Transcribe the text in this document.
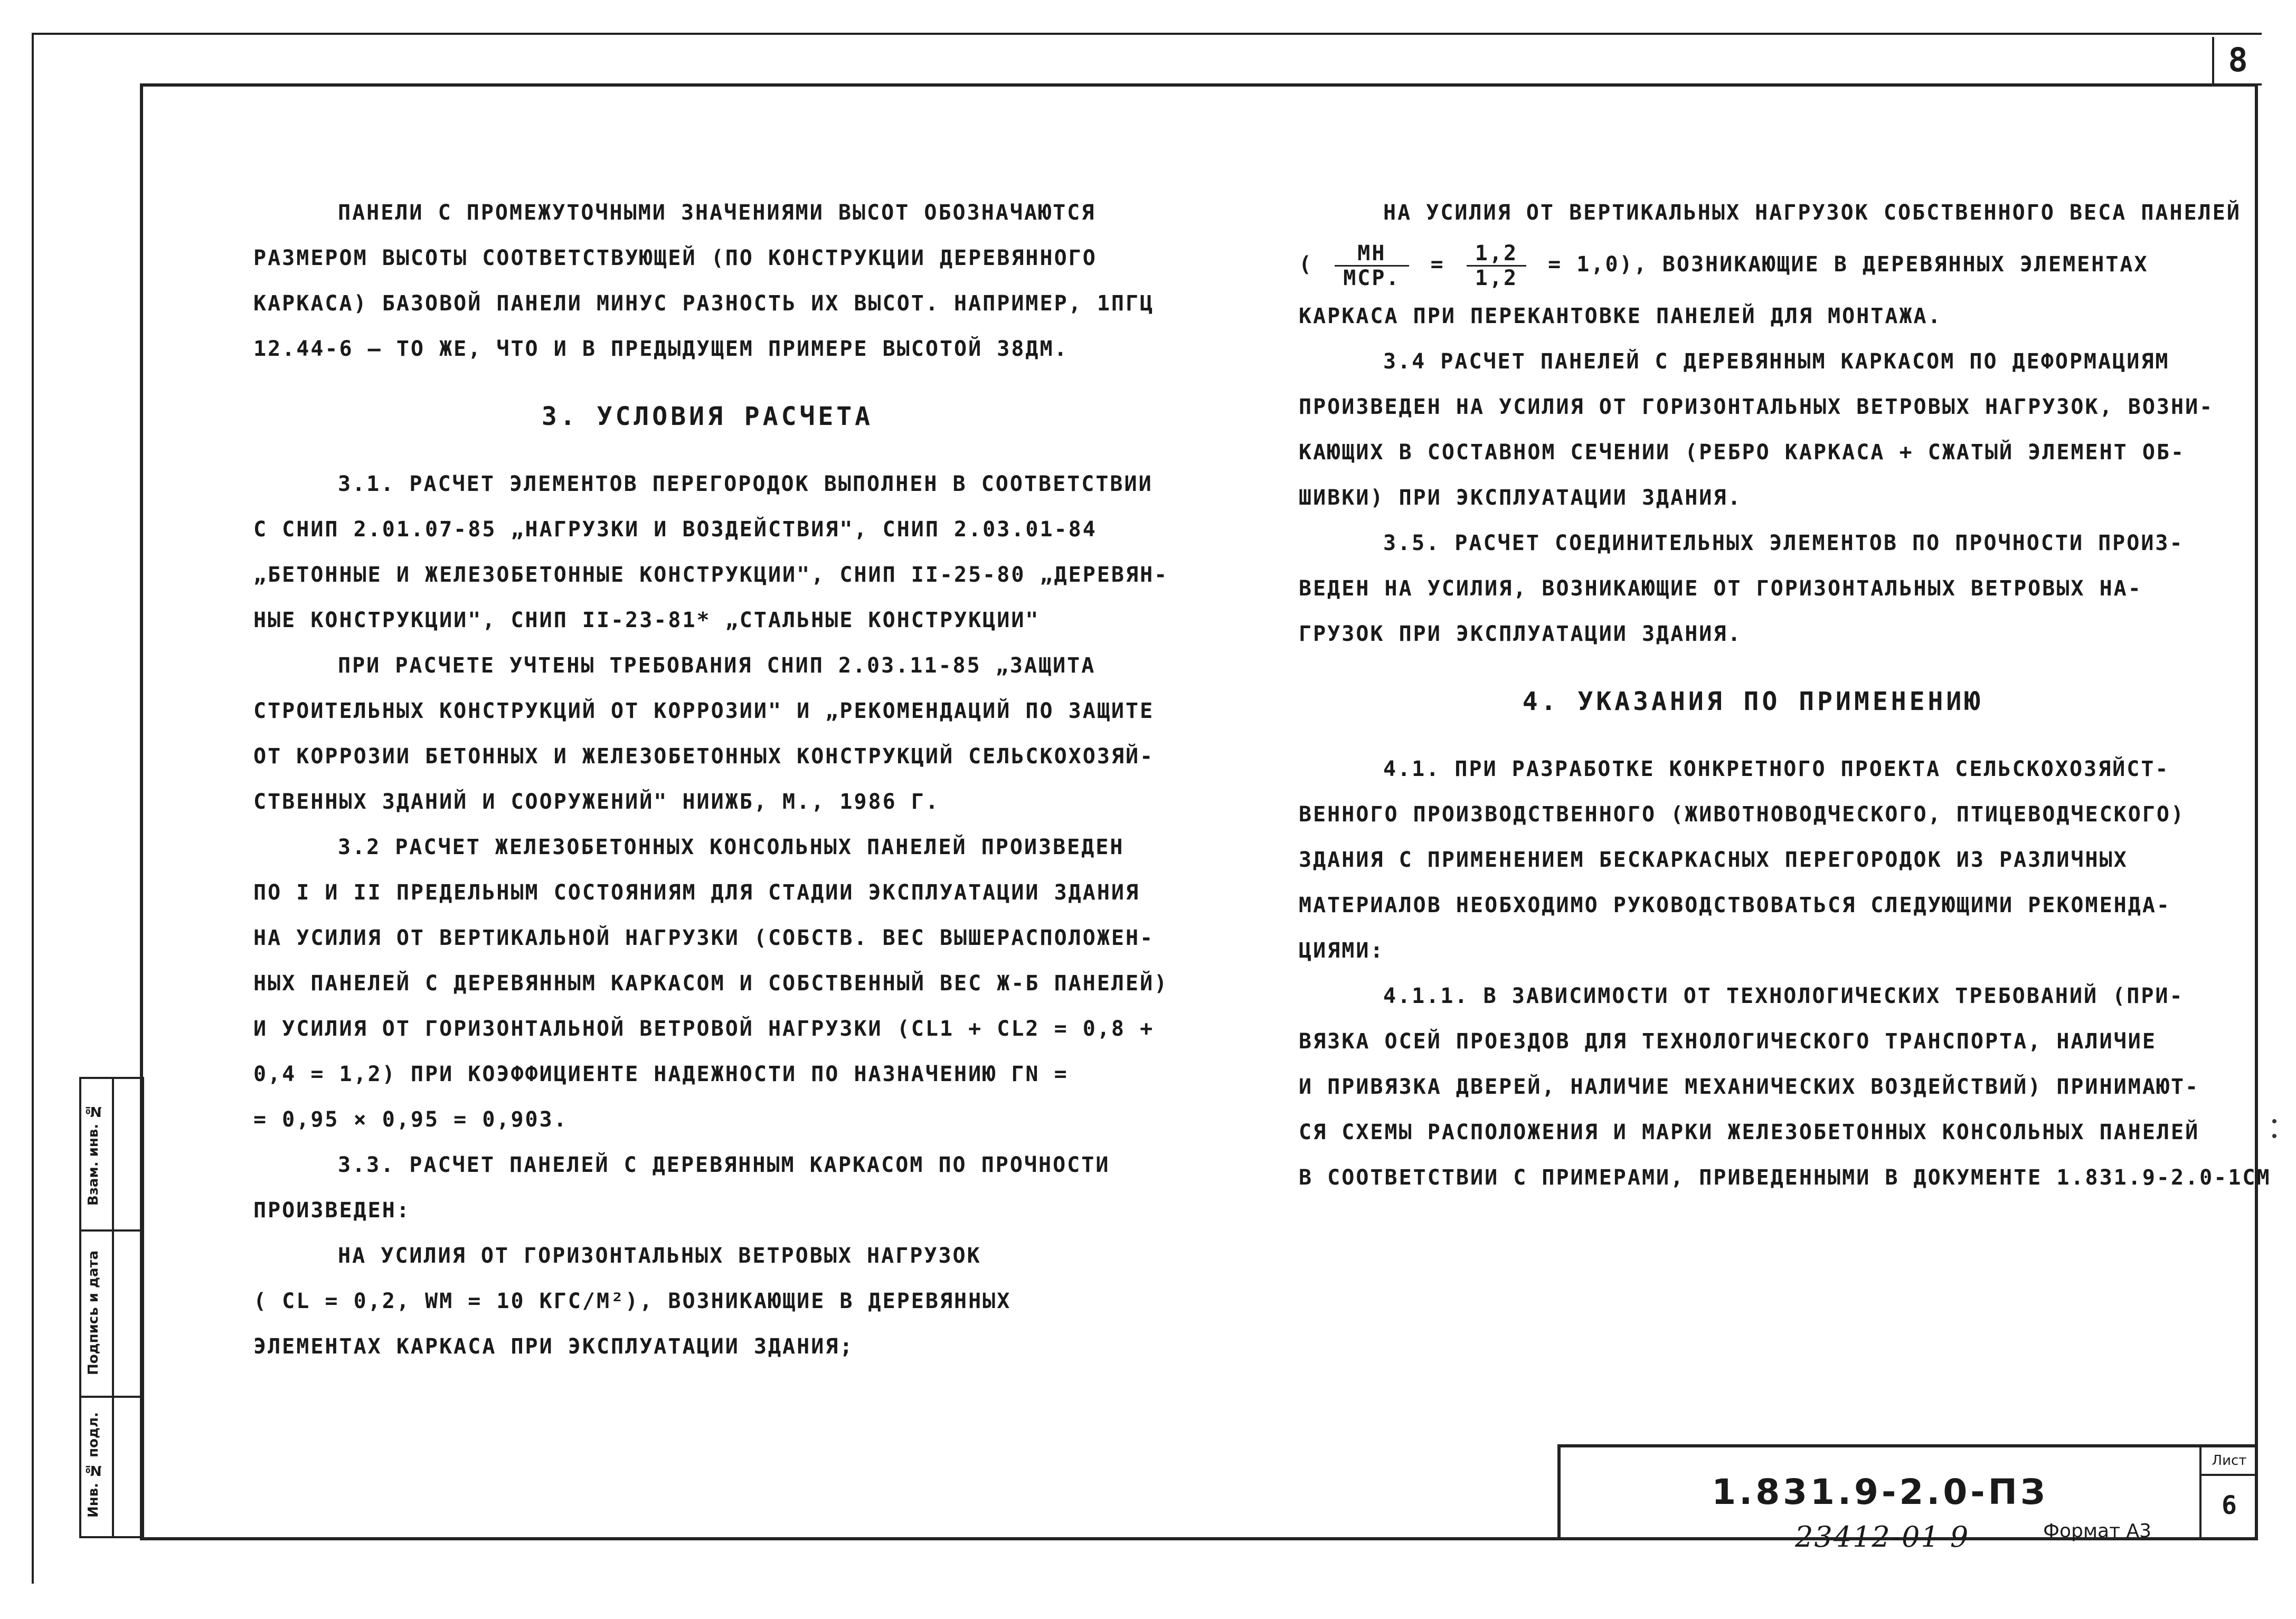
8
ПАНЕЛИ С ПРОМЕЖУТОЧНЫМИ ЗНАЧЕНИЯМИ ВЫСОТ ОБОЗНАЧАЮТСЯ
РАЗМЕРОМ ВЫСОТЫ СООТВЕТСТВУЮЩЕЙ (ПО КОНСТРУКЦИИ ДЕРЕВЯННОГО
КАРКАСА) БАЗОВОЙ ПАНЕЛИ МИНУС РАЗНОСТЬ ИХ ВЫСОТ. НАПРИМЕР, 1ПГЦ
12.44-6 — ТО ЖЕ, ЧТО И В ПРЕДЫДУЩЕМ ПРИМЕРЕ ВЫСОТОЙ 38ДМ.
3. УСЛОВИЯ РАСЧЕТА
3.1. РАСЧЕТ ЭЛЕМЕНТОВ ПЕРЕГОРОДОК ВЫПОЛНЕН В СООТВЕТСТВИИ
С СНИП 2.01.07-85 „НАГРУЗКИ И ВОЗДЕЙСТВИЯ", СНИП 2.03.01-84
„БЕТОННЫЕ И ЖЕЛЕЗОБЕТОННЫЕ КОНСТРУКЦИИ", СНИП II-25-80 „ДЕРЕВЯН-
НЫЕ КОНСТРУКЦИИ", СНИП II-23-81* „СТАЛЬНЫЕ КОНСТРУКЦИИ"
ПРИ РАСЧЕТЕ УЧТЕНЫ ТРЕБОВАНИЯ СНИП 2.03.11-85 „ЗАЩИТА
СТРОИТЕЛЬНЫХ КОНСТРУКЦИЙ ОТ КОРРОЗИИ" И „РЕКОМЕНДАЦИЙ ПО ЗАЩИТЕ
ОТ КОРРОЗИИ БЕТОННЫХ И ЖЕЛЕЗОБЕТОННЫХ КОНСТРУКЦИЙ СЕЛЬСКОХОЗЯЙ-
СТВЕННЫХ ЗДАНИЙ И СООРУЖЕНИЙ" НИИЖБ, М., 1986 Г.
3.2 РАСЧЕТ ЖЕЛЕЗОБЕТОННЫХ КОНСОЛЬНЫХ ПАНЕЛЕЙ ПРОИЗВЕДЕН
ПО I И II ПРЕДЕЛЬНЫМ СОСТОЯНИЯМ ДЛЯ СТАДИИ ЭКСПЛУАТАЦИИ ЗДАНИЯ
НА УСИЛИЯ ОТ ВЕРТИКАЛЬНОЙ НАГРУЗКИ (СОБСТВ. ВЕС ВЫШЕРАСПОЛОЖЕН-
НЫХ ПАНЕЛЕЙ С ДЕРЕВЯННЫМ КАРКАСОМ И СОБСТВЕННЫЙ ВЕС Ж-Б ПАНЕЛЕЙ)
И УСИЛИЯ ОТ ГОРИЗОНТАЛЬНОЙ ВЕТРОВОЙ НАГРУЗКИ (CL1 + CL2 = 0,8 +
0,4 = 1,2) ПРИ КОЭФФИЦИЕНТЕ НАДЕЖНОСТИ ПО НАЗНАЧЕНИЮ ΓN =
= 0,95 × 0,95 = 0,903.
3.3. РАСЧЕТ ПАНЕЛЕЙ С ДЕРЕВЯННЫМ КАРКАСОМ ПО ПРОЧНОСТИ
ПРОИЗВЕДЕН:
НА УСИЛИЯ ОТ ГОРИЗОНТАЛЬНЫХ ВЕТРОВЫХ НАГРУЗОК
( CL = 0,2, WM = 10 КГС/М²), ВОЗНИКАЮЩИЕ В ДЕРЕВЯННЫХ
ЭЛЕМЕНТАХ КАРКАСА ПРИ ЭКСПЛУАТАЦИИ ЗДАНИЯ;
НА УСИЛИЯ ОТ ВЕРТИКАЛЬНЫХ НАГРУЗОК СОБСТВЕННОГО ВЕСА ПАНЕЛЕЙ
( $\frac{MН}{\text{MСР.}} = \frac{1,2}{1,2} = 1,0$), ВОЗНИКАЮЩИЕ В ДЕРЕВЯННЫХ ЭЛЕМЕНТАХ
КАРКАСА ПРИ ПЕРЕКАНТОВКЕ ПАНЕЛЕЙ ДЛЯ МОНТАЖА.
3.4 РАСЧЕТ ПАНЕЛЕЙ С ДЕРЕВЯННЫМ КАРКАСОМ ПО ДЕФОРМАЦИЯМ
ПРОИЗВЕДЕН НА УСИЛИЯ ОТ ГОРИЗОНТАЛЬНЫХ ВЕТРОВЫХ НАГРУЗОК, ВОЗНИ-
КАЮЩИХ В СОСТАВНОМ СЕЧЕНИИ (РЕБРО КАРКАСА + СЖАТЫЙ ЭЛЕМЕНТ ОБ-
ШИВКИ) ПРИ ЭКСПЛУАТАЦИИ ЗДАНИЯ.
3.5. РАСЧЕТ СОЕДИНИТЕЛЬНЫХ ЭЛЕМЕНТОВ ПО ПРОЧНОСТИ ПРОИЗ-
ВЕДЕН НА УСИЛИЯ, ВОЗНИКАЮЩИЕ ОТ ГОРИЗОНТАЛЬНЫХ ВЕТРОВЫХ НА-
ГРУЗОК ПРИ ЭКСПЛУАТАЦИИ ЗДАНИЯ.
4. УКАЗАНИЯ ПО ПРИМЕНЕНИЮ
4.1. ПРИ РАЗРАБОТКЕ КОНКРЕТНОГО ПРОЕКТА СЕЛЬСКОХОЗЯЙСТ-
ВЕННОГО ПРОИЗВОДСТВЕННОГО (ЖИВОТНОВОДЧЕСКОГО, ПТИЦЕВОДЧЕСКОГО)
ЗДАНИЯ С ПРИМЕНЕНИЕМ БЕСКАРКАСНЫХ ПЕРЕГОРОДОК ИЗ РАЗЛИЧНЫХ
МАТЕРИАЛОВ НЕОБХОДИМО РУКОВОДСТВОВАТЬСЯ СЛЕДУЮЩИМИ РЕКОМЕНДА-
ЦИЯМИ:
4.1.1. В ЗАВИСИМОСТИ ОТ ТЕХНОЛОГИЧЕСКИХ ТРЕБОВАНИЙ (ПРИ-
ВЯЗКА ОСЕЙ ПРОЕЗДОВ ДЛЯ ТЕХНОЛОГИЧЕСКОГО ТРАНСПОРТА, НАЛИЧИЕ
И ПРИВЯЗКА ДВЕРЕЙ, НАЛИЧИЕ МЕХАНИЧЕСКИХ ВОЗДЕЙСТВИЙ) ПРИНИМАЮТ-
СЯ СХЕМЫ РАСПОЛОЖЕНИЯ И МАРКИ ЖЕЛЕЗОБЕТОННЫХ КОНСОЛЬНЫХ ПАНЕЛЕЙ
В СООТВЕТСТВИИ С ПРИМЕРАМИ, ПРИВЕДЕННЫМИ В ДОКУМЕНТЕ 1.831.9-2.0-1СМ
Взам. инв. №
Подпись и дата
Инв. № подл.	1.831.9-2.0-ПЗ
Лист
6
23412-01 9	Формат А3
